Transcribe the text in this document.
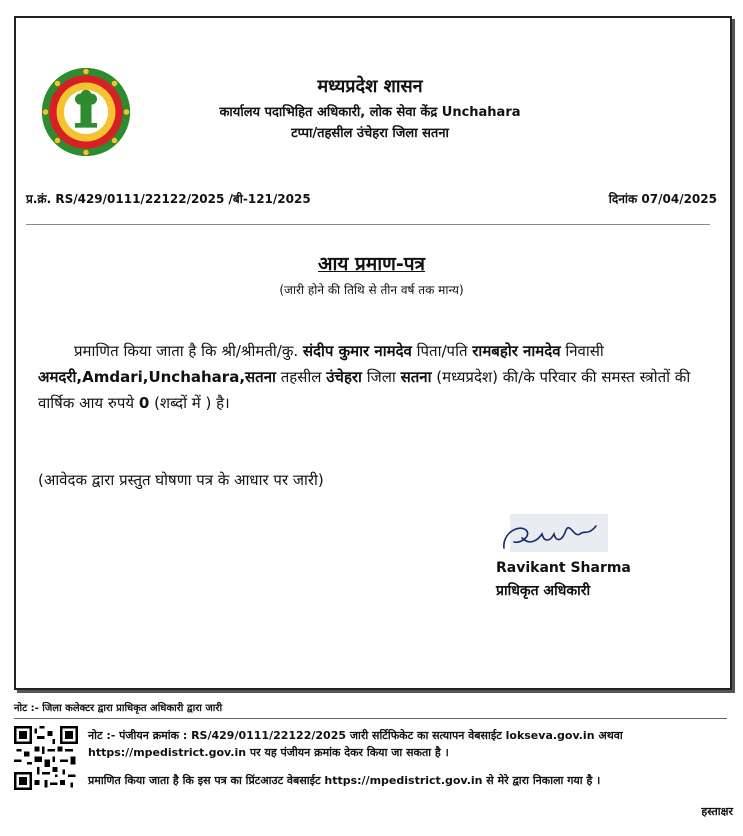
मध्यप्रदेश शासन
कार्यालय पदाभिहित अधिकारी, लोक सेवा केंद्र Unchahara
टप्पा/तहसील उंचेहरा जिला सतना
प्र.क्रं. RS/429/0111/22122/2025 /बी-121/2025	दिनांक 07/04/2025
आय प्रमाण-पत्र
(जारी होने की तिथि से तीन वर्ष तक मान्य)
प्रमाणित किया जाता है कि श्री/श्रीमती/कु. संदीप कुमार नामदेव पिता/पति रामबहोर नामदेव निवासी अमदरी,Amdari,Unchahara,सतना तहसील उंचेहरा जिला सतना (मध्यप्रदेश) की/के परिवार की समस्त स्त्रोतों की वार्षिक आय रुपये 0 (शब्दों में ) है।
(आवेदक द्वारा प्रस्तुत घोषणा पत्र के आधार पर जारी)
Ravikant Sharma
प्राधिकृत अधिकारी
नोट :- जिला कलेक्टर द्वारा प्राधिकृत अधिकारी द्वारा जारी
नोट :- पंजीयन क्रमांक : RS/429/0111/22122/2025 जारी सर्टिफिकेट का सत्यापन वेबसाईट lokseva.gov.in अथवा
https://mpedistrict.gov.in पर यह पंजीयन क्रमांक देकर किया जा सकता है ।
प्रमाणित किया जाता है कि इस पत्र का प्रिंटआउट वेबसाईट https://mpedistrict.gov.in से मेरे द्वारा निकाला गया है ।
हस्ताक्षर
